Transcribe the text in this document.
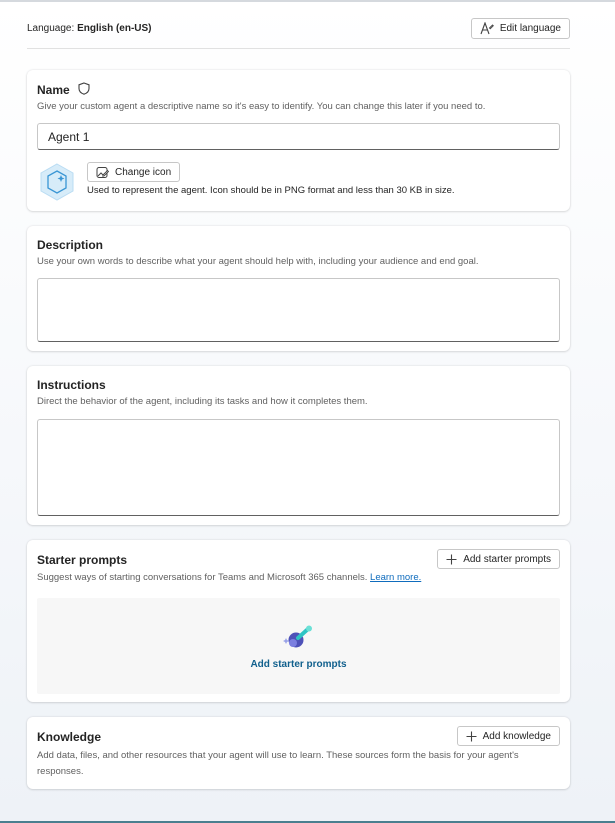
Language: English (en-US)	Edit language
Name
Give your custom agent a descriptive name so it's easy to identify. You can change this later if you need to.
Agent 1
Change icon
Used to represent the agent. Icon should be in PNG format and less than 30 KB in size.
Description
Use your own words to describe what your agent should help with, including your audience and end goal.
Instructions
Direct the behavior of the agent, including its tasks and how it completes them.
Starter prompts	Add starter prompts
Suggest ways of starting conversations for Teams and Microsoft 365 channels. Learn more.
Add starter prompts
Knowledge	Add knowledge
Add data, files, and other resources that your agent will use to learn. These sources form the basis for your agent's responses.
